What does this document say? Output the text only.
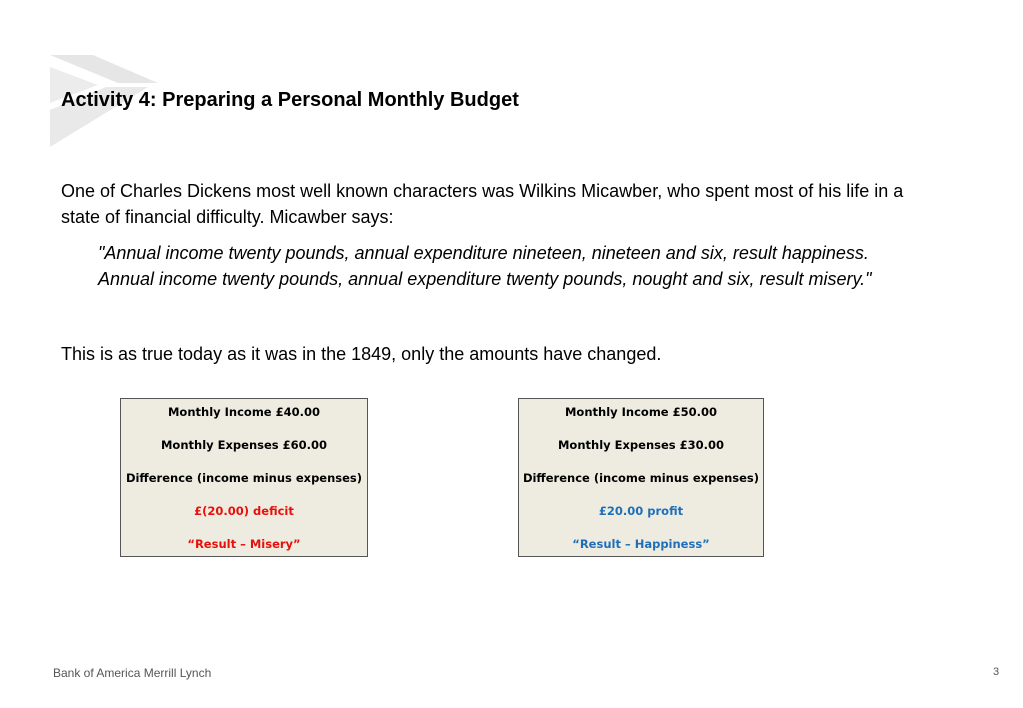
Activity 4: Preparing a Personal Monthly Budget

One of Charles Dickens most well known characters was Wilkins Micawber, who spent most of his life in a state of financial difficulty. Micawber says:

"Annual income twenty pounds, annual expenditure nineteen, nineteen and six, result happiness. Annual income twenty pounds, annual expenditure twenty pounds, nought and six, result misery."

This is as true today as it was in the 1849, only the amounts have changed.

Monthly Income £40.00
Monthly Expenses £60.00
Difference (income minus expenses)
£(20.00) deficit
“Result – Misery”
Monthly Income £50.00
Monthly Expenses £30.00
Difference (income minus expenses)
£20.00 profit
“Result – Happiness”
Bank of America Merrill Lynch	3
